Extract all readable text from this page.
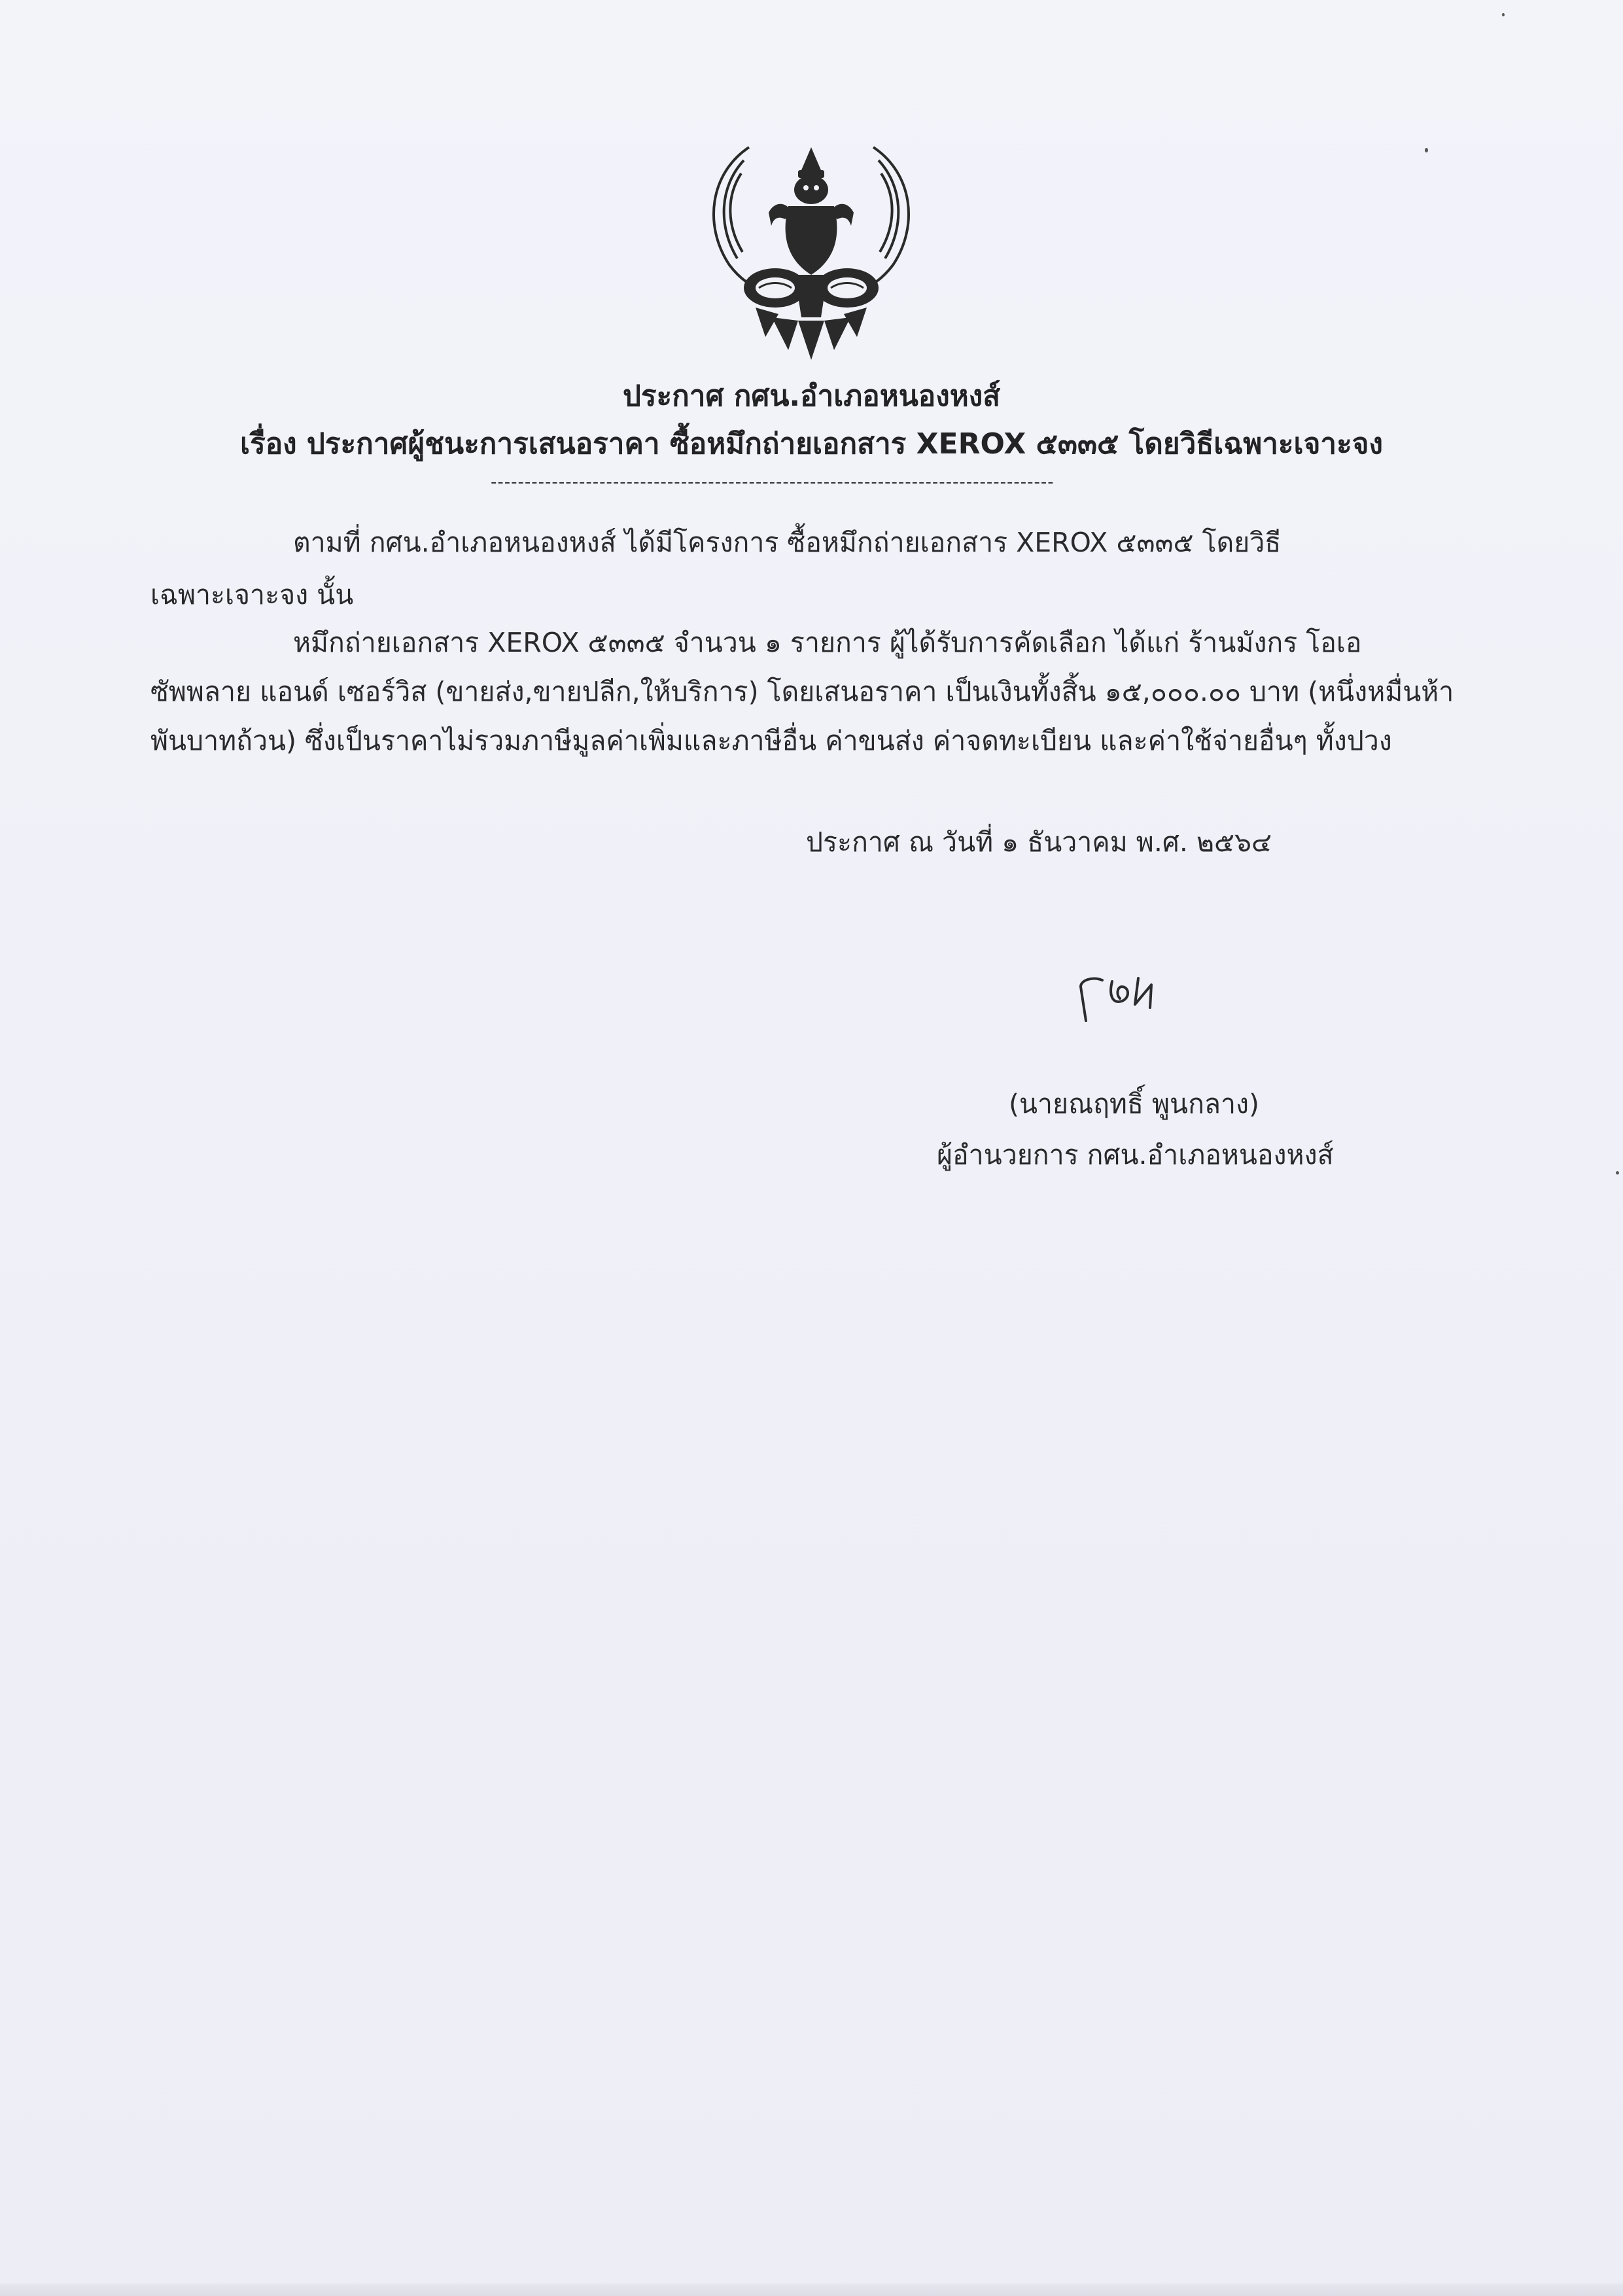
ประกาศ กศน.อำเภอหนองหงส์
เรื่อง ประกาศผู้ชนะการเสนอราคา ซื้อหมึกถ่ายเอกสาร XEROX ๕๓๓๕ โดยวิธีเฉพาะเจาะจง
-----------------------------------------------------------------------------------
ตามที่ กศน.อำเภอหนองหงส์ ได้มีโครงการ ซื้อหมึกถ่ายเอกสาร XEROX ๕๓๓๕ โดยวิธี
เฉพาะเจาะจง นั้น
หมึกถ่ายเอกสาร XEROX ๕๓๓๕ จำนวน ๑ รายการ ผู้ได้รับการคัดเลือก ได้แก่ ร้านมังกร โอเอ
ซัพพลาย แอนด์ เซอร์วิส (ขายส่ง,ขายปลีก,ให้บริการ) โดยเสนอราคา เป็นเงินทั้งสิ้น ๑๕,๐๐๐.๐๐ บาท (หนึ่งหมื่นห้า
พันบาทถ้วน) ซึ่งเป็นราคาไม่รวมภาษีมูลค่าเพิ่มและภาษีอื่น ค่าขนส่ง ค่าจดทะเบียน และค่าใช้จ่ายอื่นๆ ทั้งปวง
ประกาศ ณ วันที่ ๑ ธันวาคม พ.ศ. ๒๕๖๔
(นายณฤทธิ์ พูนกลาง)
ผู้อำนวยการ กศน.อำเภอหนองหงส์
